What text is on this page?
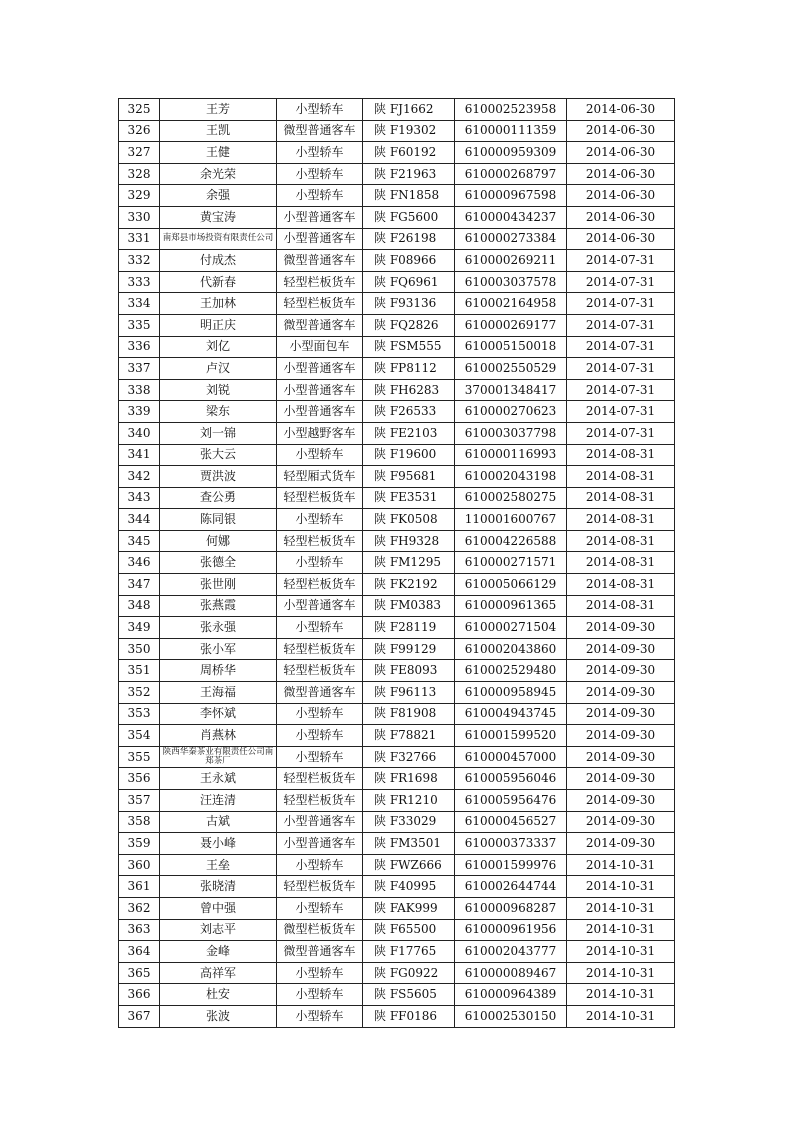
325	王芳	小型轿车	陕 FJ1662	610002523958	2014-06-30
326	王凯	微型普通客车	陕 F19302	610000111359	2014-06-30
327	王健	小型轿车	陕 F60192	610000959309	2014-06-30
328	余光荣	小型轿车	陕 F21963	610000268797	2014-06-30
329	余强	小型轿车	陕 FN1858	610000967598	2014-06-30
330	黄宝涛	小型普通客车	陕 FG5600	610000434237	2014-06-30
331	南郑县市场投资有限责任公司	小型普通客车	陕 F26198	610000273384	2014-06-30
332	付成杰	微型普通客车	陕 F08966	610000269211	2014-07-31
333	代新春	轻型栏板货车	陕 FQ6961	610003037578	2014-07-31
334	王加林	轻型栏板货车	陕 F93136	610002164958	2014-07-31
335	明正庆	微型普通客车	陕 FQ2826	610000269177	2014-07-31
336	刘亿	小型面包车	陕 FSM555	610005150018	2014-07-31
337	卢汉	小型普通客车	陕 FP8112	610002550529	2014-07-31
338	刘锐	小型普通客车	陕 FH6283	370001348417	2014-07-31
339	梁东	小型普通客车	陕 F26533	610000270623	2014-07-31
340	刘一锦	小型越野客车	陕 FE2103	610003037798	2014-07-31
341	张大云	小型轿车	陕 F19600	610000116993	2014-08-31
342	贾洪波	轻型厢式货车	陕 F95681	610002043198	2014-08-31
343	查公勇	轻型栏板货车	陕 FE3531	610002580275	2014-08-31
344	陈同银	小型轿车	陕 FK0508	110001600767	2014-08-31
345	何娜	轻型栏板货车	陕 FH9328	610004226588	2014-08-31
346	张德全	小型轿车	陕 FM1295	610000271571	2014-08-31
347	张世刚	轻型栏板货车	陕 FK2192	610005066129	2014-08-31
348	张燕霞	小型普通客车	陕 FM0383	610000961365	2014-08-31
349	张永强	小型轿车	陕 F28119	610000271504	2014-09-30
350	张小军	轻型栏板货车	陕 F99129	610002043860	2014-09-30
351	周桥华	轻型栏板货车	陕 FE8093	610002529480	2014-09-30
352	王海福	微型普通客车	陕 F96113	610000958945	2014-09-30
353	李怀斌	小型轿车	陕 F81908	610004943745	2014-09-30
354	肖燕林	小型轿车	陕 F78821	610001599520	2014-09-30
355	陕西华秦茶业有限责任公司南郑茶厂	小型轿车	陕 F32766	610000457000	2014-09-30
356	王永斌	轻型栏板货车	陕 FR1698	610005956046	2014-09-30
357	汪连清	轻型栏板货车	陕 FR1210	610005956476	2014-09-30
358	古斌	小型普通客车	陕 F33029	610000456527	2014-09-30
359	聂小峰	小型普通客车	陕 FM3501	610000373337	2014-09-30
360	王垒	小型轿车	陕 FWZ666	610001599976	2014-10-31
361	张晓清	轻型栏板货车	陕 F40995	610002644744	2014-10-31
362	曾中强	小型轿车	陕 FAK999	610000968287	2014-10-31
363	刘志平	微型栏板货车	陕 F65500	610000961956	2014-10-31
364	金峰	微型普通客车	陕 F17765	610002043777	2014-10-31
365	高祥军	小型轿车	陕 FG0922	610000089467	2014-10-31
366	杜安	小型轿车	陕 FS5605	610000964389	2014-10-31
367	张波	小型轿车	陕 FF0186	610002530150	2014-10-31
